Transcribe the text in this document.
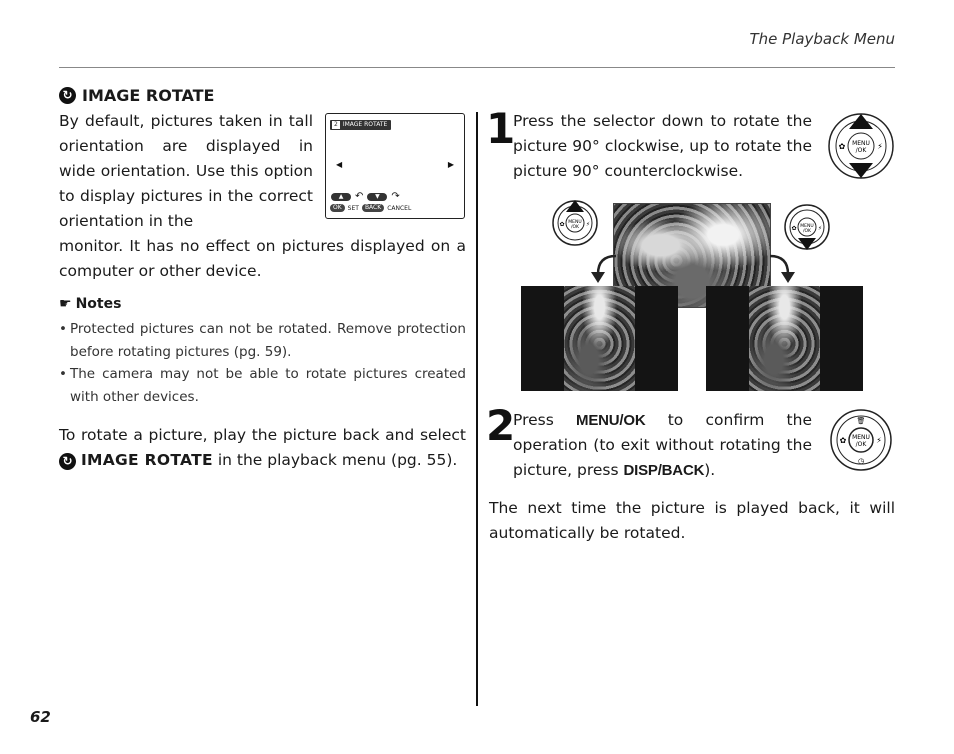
The Playback Menu
62
↻ IMAGE ROTATE

By default, pictures taken in tall orientation are displayed in wide orientation. Use this option to display pictures in the correct orientation in the

monitor. It has no effect on pictures displayed on a computer or other device.

2 IMAGE ROTATE
◀	▶
▲	↶	▼	↷
OK	SET	BACK	CANCEL
☛ Notes
• Protected pictures can not be rotated. Remove protection before rotating pictures (pg. 59).
• The camera may not be able to rotate pictures created with other devices.

To rotate a picture, play the picture back and select ↻ IMAGE ROTATE in the playback menu (pg. 55).

1

Press the selector down to rotate the picture 90° clockwise, up to rotate the picture 90° counterclockwise.

MENU
/OK
✿	⚡
MENU
/OK
✿	⚡	MENU
/OK
✿	⚡
2

Press MENU/OK to confirm the operation (to exit without rotating the picture, press DISP/BACK).

MENU
/OK
✿	⚡
🗑
◷

The next time the picture is played back, it will automatically be rotated.
